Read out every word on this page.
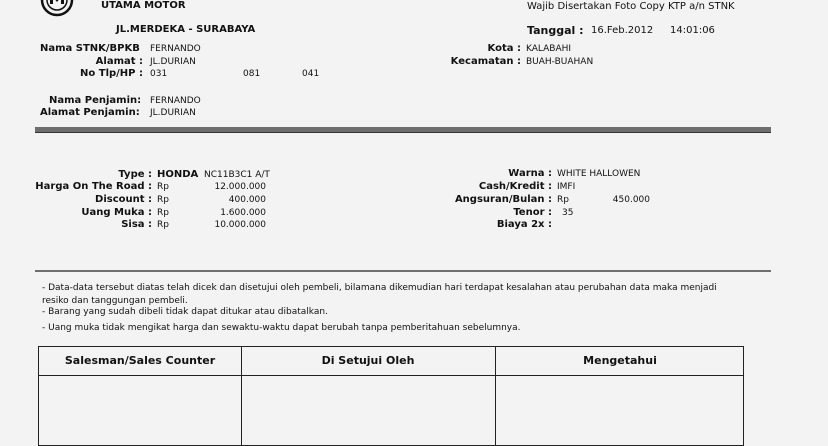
UTAMA MOTOR
JL.MERDEKA - SURABAYA
Wajib Disertakan Foto Copy KTP a/n STNK
Tanggal : 16.Feb.2012 14:01:06
Nama STNK/BPKB FERNANDO
Alamat : JL.DURIAN
No Tlp/HP : 031	081	041
Nama Penjamin: FERNANDO
Alamat Penjamin: JL.DURIAN
Kota : KALABAHI
Kecamatan : BUAH-BUAHAN
Type : HONDA NC11B3C1 A/T
Harga On The Road : Rp	12.000.000
Discount : Rp	400.000
Uang Muka : Rp	1.600.000
Sisa : Rp	10.000.000
Warna : WHITE HALLOWEN
Cash/Kredit : IMFI
Angsuran/Bulan : Rp	450.000
Tenor : 35
Biaya 2x :
- Data-data tersebut diatas telah dicek dan disetujui oleh pembeli, bilamana dikemudian hari terdapat kesalahan atau perubahan data maka menjadi
resiko dan tanggungan pembeli.
- Barang yang sudah dibeli tidak dapat ditukar atau dibatalkan.
- Uang muka tidak mengikat harga dan sewaktu-waktu dapat berubah tanpa pemberitahuan sebelumnya.
Salesman/Sales Counter	Di Setujui Oleh	Mengetahui
